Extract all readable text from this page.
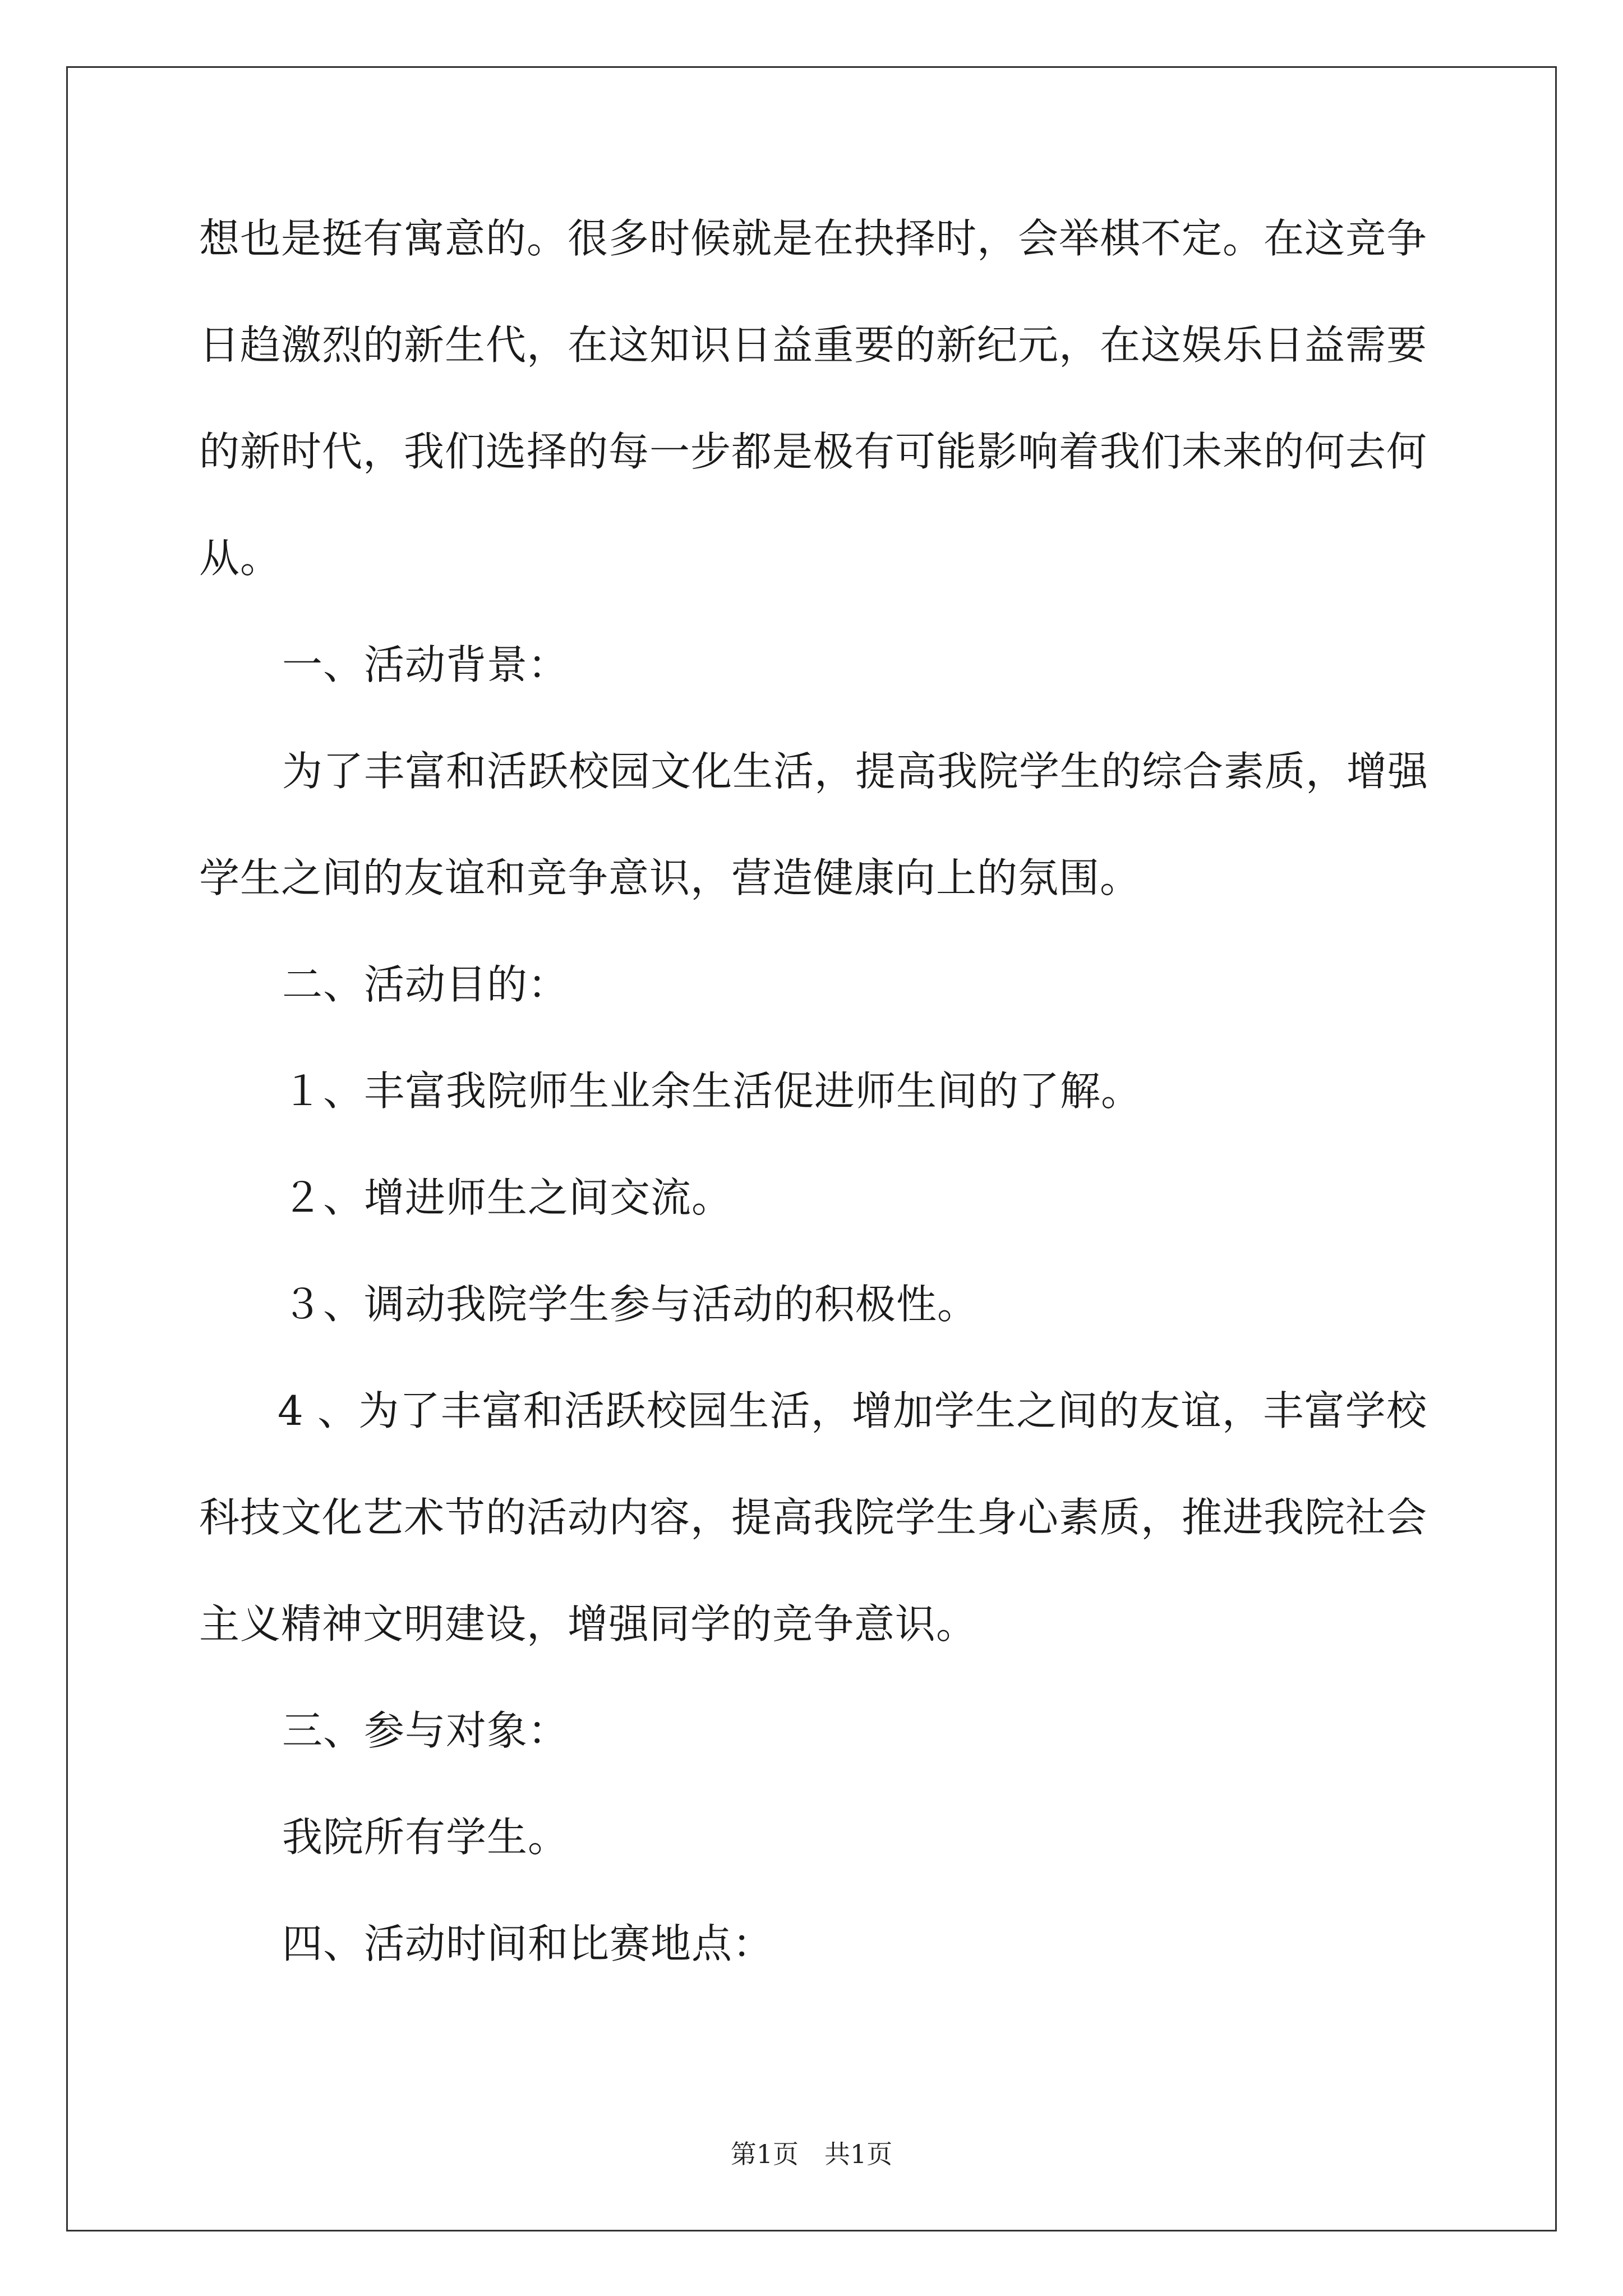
想也是挺有寓意的。很多时候就是在抉择时，会举棋不定。在这竞争
日趋激烈的新生代，在这知识日益重要的新纪元，在这娱乐日益需要
的新时代，我们选择的每一步都是极有可能影响着我们未来的何去何
从。
一、活动背景：
为了丰富和活跃校园文化生活，提高我院学生的综合素质，增强
学生之间的友谊和竞争意识，营造健康向上的氛围。
二、活动目的：
１、丰富我院师生业余生活促进师生间的了解。
２、增进师生之间交流。
３、调动我院学生参与活动的积极性。
4 、为了丰富和活跃校园生活，增加学生之间的友谊，丰富学校
科技文化艺术节的活动内容，提高我院学生身心素质，推进我院社会
主义精神文明建设，增强同学的竞争意识。
三、参与对象：
我院所有学生。
四、活动时间和比赛地点：
第1页　共1页
